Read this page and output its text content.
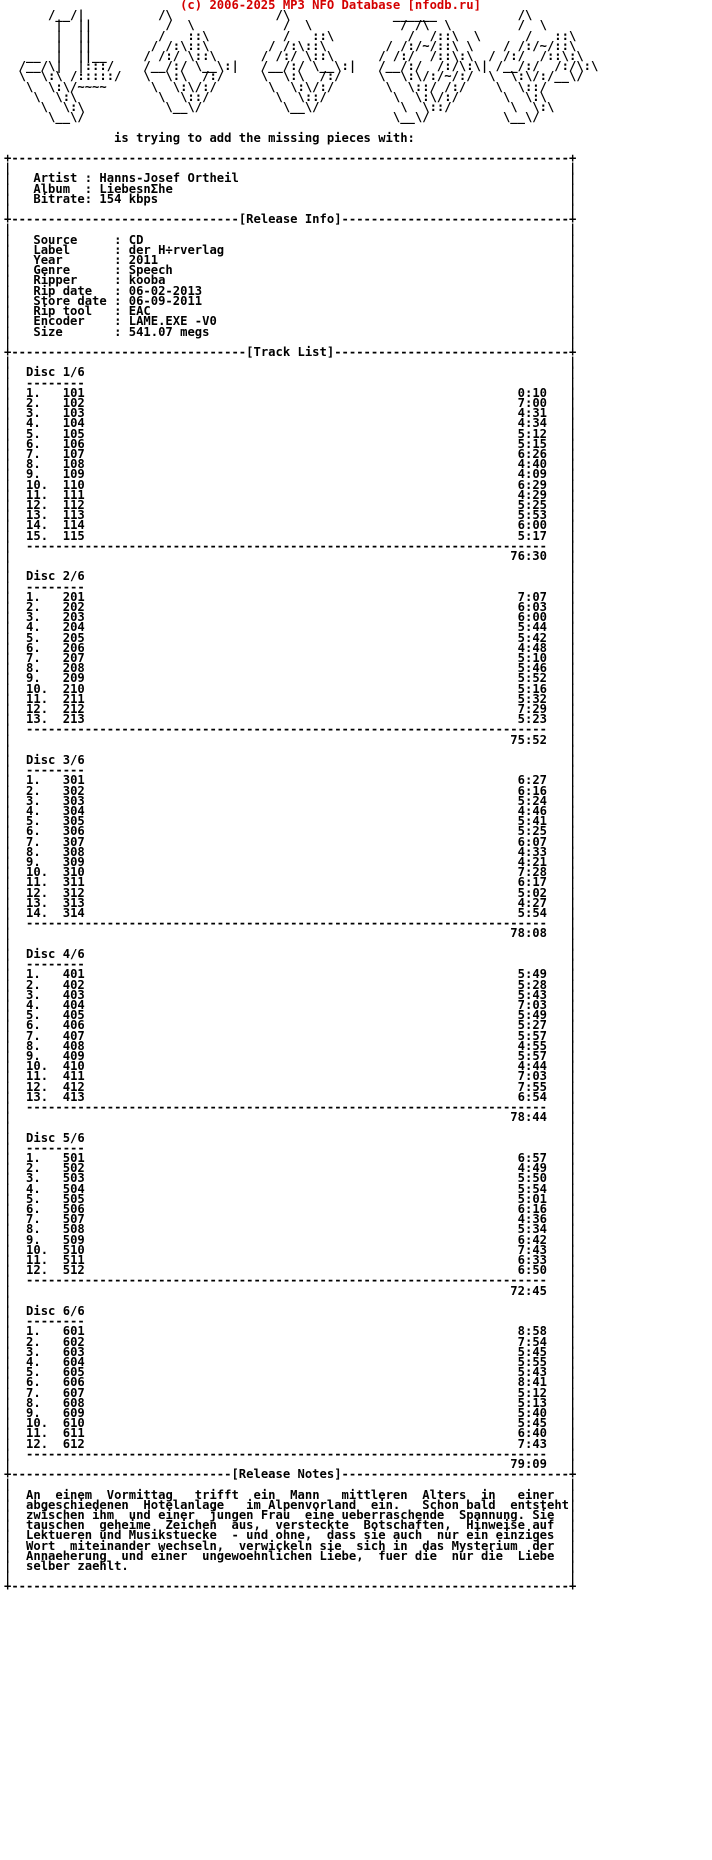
(c) 2006-2025 MP3 NFO Database [nfodb.ru]
/__/|          /\              /\              ______           /\
|  ||          /  \            /  \            / /\  \         /  \
|  ||         /   ::\          /   ::\          /  /::\  \      /   ::\
|  ||        / /:\::\        / /:\::\        / /:/~/::\ \    / /:/~/::\
__  |  ||__     / /:/ \::\      / /:/ \::\      / /:/  /::\:\  / /:/  /::\:\
/__/\|  |:::/    /__/:/ \__\:|   /__/:/ \__\:|   /__/:/  /:/\:\| /__/:/  /:/\:\
\  \:\ /:::::/   \  \:\  /:/     \  \:\  /:/     \  \:\/:/~/:/  \  \:\/:/__\/
\  \:\/~~~~      \  \:\/:/       \  \:\/:/       \  \::/ /:/    \  \::/
\  \:\           \  \::/         \  \::/         \  \:\/:/      \  \:\
\  \:\           \__\/           \__\/           \  \::/        \  \:\
\__\/                                          \__\/          \__\/

is trying to add the missing pieces with:

+----------------------------------------------------------------------------+
|                                                                            |
|   Artist : Hanns-Josef Ortheil                                             |
|   Album  : LiebesnΣhe                                                      |
|   Bitrate: 154 kbps                                                        |
|                                                                            |
+-------------------------------[Release Info]-------------------------------+
|                                                                            |
|   Source     : CD                                                          |
|   Label      : der H÷rverlag                                               |
|   Year       : 2011                                                        |
|   Genre      : Speech                                                      |
|   Ripper     : kooba                                                       |
|   Rip date   : 06-02-2013                                                  |
|   Store date : 06-09-2011                                                  |
|   Rip tool   : EAC                                                         |
|   Encoder    : LAME.EXE -V0                                                |
|   Size       : 541.07 megs                                                 |
|                                                                            |
+--------------------------------[Track List]--------------------------------+
|                                                                            |
| Disc 1/6                                                                  |
|  --------                                                                  |
| 1.   101	0:10   |
| 2.   102	7:00   |
| 3.   103	4:31   |
| 4.   104	4:34   |
| 5.   105	5:12   |
| 6.   106	5:15   |
| 7.   107	6:26   |
| 8.   108	4:40   |
| 9.   109	4:09   |
| 10.  110	6:29   |
| 11.  111	4:29   |
| 12.  112	5:25   |
| 13.  113	5:53   |
| 14.  114	6:00   |
| 15.  115	5:17   |
|  -----------------------------------------------------------------------   |
|	76:30   |
|                                                                            |
| Disc 2/6                                                                  |
|  --------                                                                  |
| 1.   201	7:07   |
| 2.   202	6:03   |
| 3.   203	6:00   |
| 4.   204	5:44   |
| 5.   205	5:42   |
| 6.   206	4:48   |
| 7.   207	5:10   |
| 8.   208	5:46   |
| 9.   209	5:52   |
| 10.  210	5:16   |
| 11.  211	5:32   |
| 12.  212	7:29   |
| 13.  213	5:23   |
|  -----------------------------------------------------------------------   |
|	75:52   |
|                                                                            |
| Disc 3/6                                                                  |
|  --------                                                                  |
| 1.   301	6:27   |
| 2.   302	6:16   |
| 3.   303	5:24   |
| 4.   304	4:46   |
| 5.   305	5:41   |
| 6.   306	5:25   |
| 7.   307	6:07   |
| 8.   308	4:33   |
| 9.   309	4:21   |
| 10.  310	7:28   |
| 11.  311	6:17   |
| 12.  312	5:02   |
| 13.  313	4:27   |
| 14.  314	5:54   |
|  -----------------------------------------------------------------------   |
|	78:08   |
|                                                                            |
| Disc 4/6                                                                  |
|  --------                                                                  |
| 1.   401	5:49   |
| 2.   402	5:28   |
| 3.   403	5:43   |
| 4.   404	7:03   |
| 5.   405	5:49   |
| 6.   406	5:27   |
| 7.   407	5:57   |
| 8.   408	4:55   |
| 9.   409	5:57   |
| 10.  410	4:44   |
| 11.  411	7:03   |
| 12.  412	7:55   |
| 13.  413	6:54   |
|  -----------------------------------------------------------------------   |
|	78:44   |
|                                                                            |
| Disc 5/6                                                                  |
|  --------                                                                  |
| 1.   501	6:57   |
| 2.   502	4:49   |
| 3.   503	5:50   |
| 4.   504	5:54   |
| 5.   505	5:01   |
| 6.   506	6:16   |
| 7.   507	4:36   |
| 8.   508	5:34   |
| 9.   509	6:42   |
| 10.  510	7:43   |
| 11.  511	6:33   |
| 12.  512	6:50   |
|  -----------------------------------------------------------------------   |
|	72:45   |
|                                                                            |
| Disc 6/6                                                                  |
|  --------                                                                  |
| 1.   601	8:58   |
| 2.   602	7:54   |
| 3.   603	5:45   |
| 4.   604	5:55   |
| 5.   605	5:43   |
| 6.   606	8:41   |
| 7.   607	5:12   |
| 8.   608	5:13   |
| 9.   609	5:40   |
| 10.  610	5:45   |
| 11.  611	6:40   |
| 12.  612	7:43   |
|  -----------------------------------------------------------------------   |
|	79:09   |
+------------------------------[Release Notes]-------------------------------+
|                                                                            |
| An  einem  Vormittag   trifft  ein  Mann   mittleren  Alters  in   einer  |
| abgeschiedenen  Hotelanlage   im Alpenvorland  ein.   Schon bald  entsteht|
| zwischen ihm  und einer  jungen Frau  eine ueberraschende  Spannung. Sie  |
| tauschen  geheime  Zeichen  aus,  versteckte  Botschaften,  Hinweise auf  |
| Lektueren und Musikstuecke  - und ohne,  dass sie auch  nur ein einziges  |
| Wort  miteinander wechseln,  verwickeln sie  sich in  das Mysterium  der  |
| Annaeherung  und einer  ungewoehnlichen Liebe,  fuer die  nur die  Liebe  |
| selber zaehlt.                                                            |
|                                                                            |
+----------------------------------------------------------------------------+
